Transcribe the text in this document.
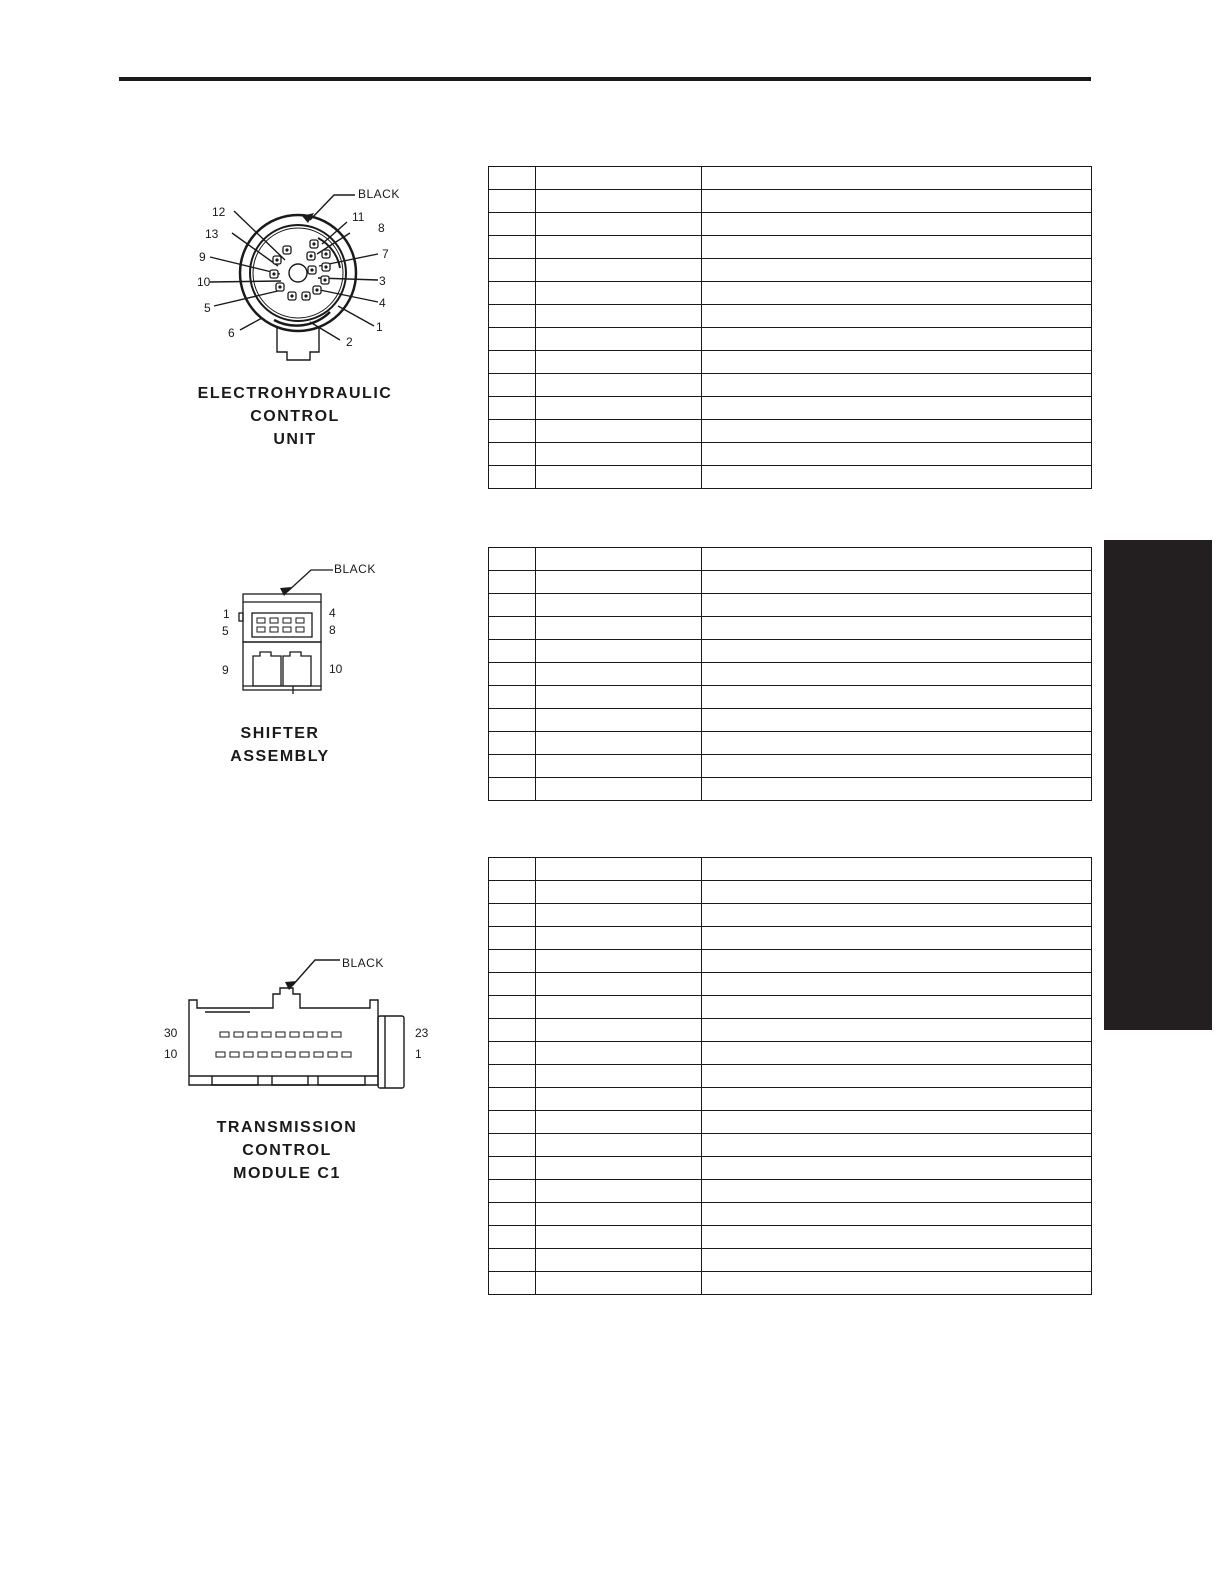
BLACK
12	11
13	8
9	7
10	3
5	4
1
6
2
ELECTROHYDRAULIC
CONTROL
UNIT

BLACK
1	4
5	8
9	10
SHIFTER
ASSEMBLY

BLACK
30	23
10	1
TRANSMISSION
CONTROL
MODULE C1
